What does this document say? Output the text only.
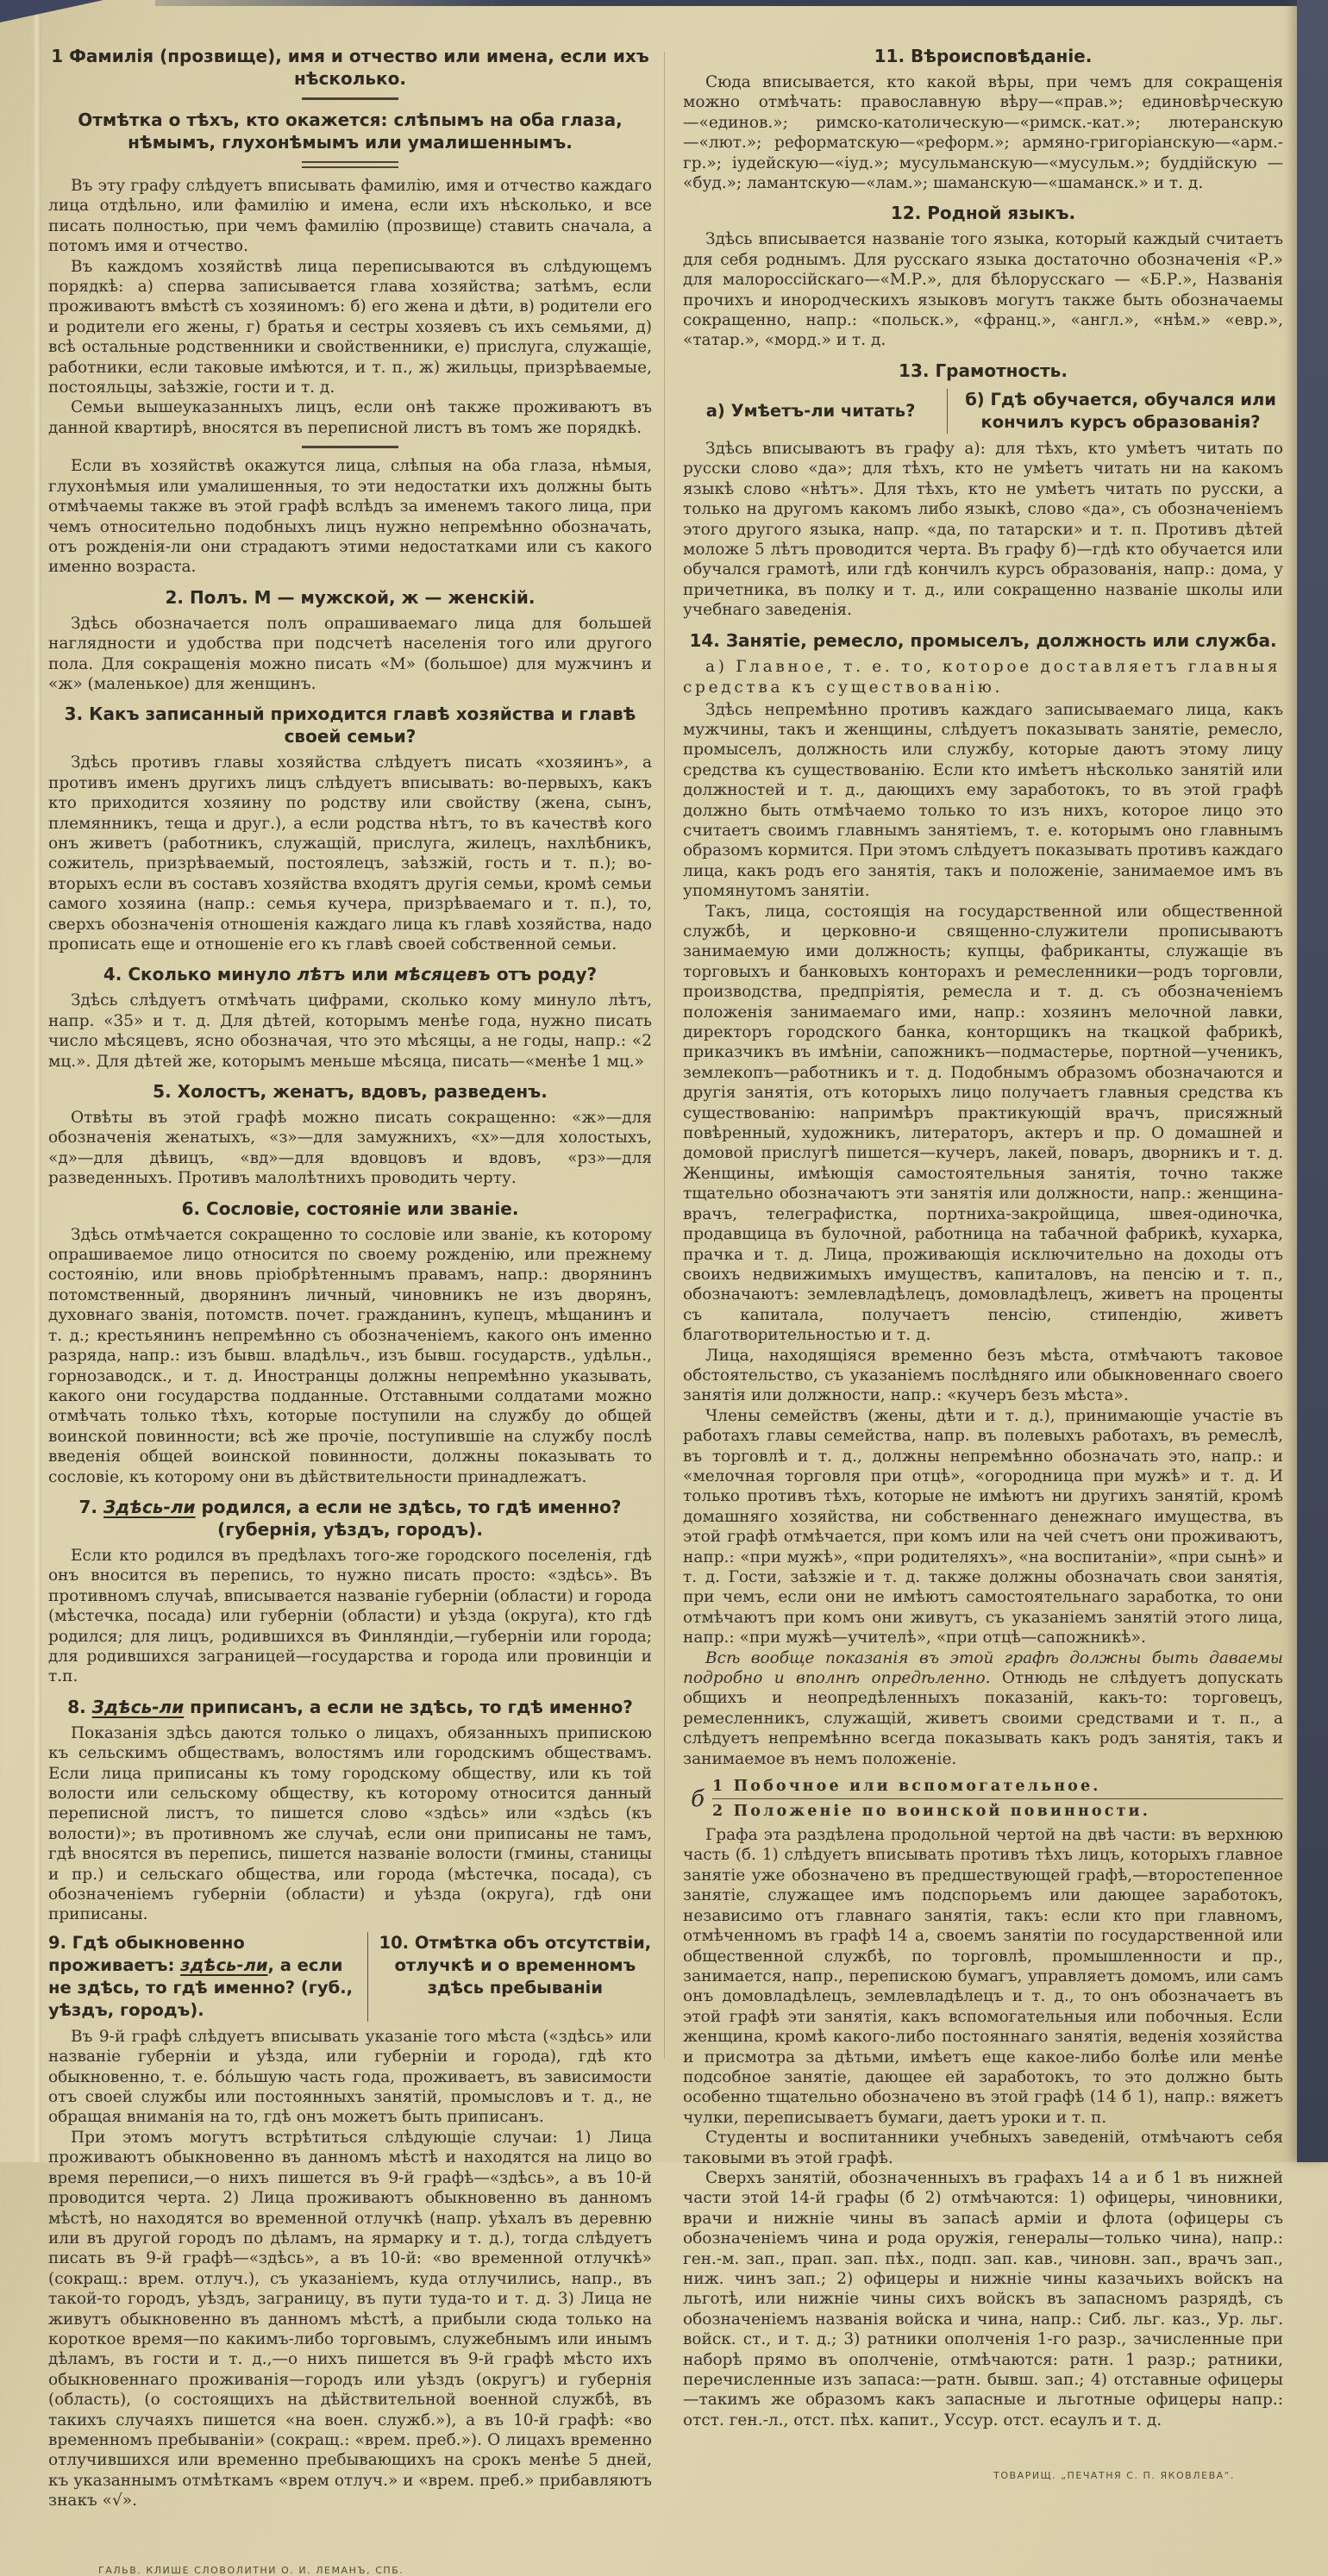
1 Фамилія (прозвище), имя и отчество или имена, если ихъ нѣсколько.
Отмѣтка о тѣхъ, кто окажется: слѣпымъ на оба глаза, нѣмымъ, глухонѣмымъ или умалишеннымъ.

Въ эту графу слѣдуетъ вписывать фамилію, имя и отчество каждаго лица отдѣльно, или фамилію и имена, если ихъ нѣсколько, и все писать полностью, при чемъ фамилію (прозвище) ставить сначала, а потомъ имя и отчество.

Въ каждомъ хозяйствѣ лица переписываются въ слѣдующемъ порядкѣ: а) сперва записывается глава хозяйства; затѣмъ, если проживаютъ вмѣстѣ съ хозяиномъ: б) его жена и дѣти, в) родители его и родители его жены, г) братья и сестры хозяевъ съ ихъ семьями, д) всѣ остальные родственники и свойственники, е) прислуга, служащіе, работники, если таковые имѣются, и т. п., ж) жильцы, призрѣваемые, постояльцы, заѣзжіе, гости и т. д.

Семьи вышеуказанныхъ лицъ, если онѣ также проживаютъ въ данной квартирѣ, вносятся въ переписной листъ въ томъ же порядкѣ.

Если въ хозяйствѣ окажутся лица, слѣпыя на оба глаза, нѣмыя, глухонѣмыя или умалишенныя, то эти недостатки ихъ должны быть отмѣчаемы также въ этой графѣ вслѣдъ за именемъ такого лица, при чемъ относительно подобныхъ лицъ нужно непремѣнно обозначать, отъ рожденія-ли они страдаютъ этими недостатками или съ какого именно возраста.

2. Полъ. М — мужской, ж — женскій.

Здѣсь обозначается полъ опрашиваемаго лица для большей наглядности и удобства при подсчетѣ населенія того или другого пола. Для сокращенія можно писать «М» (большое) для мужчинъ и «ж» (маленькое) для женщинъ.

3. Какъ записанный приходится главѣ хозяйства и главѣ своей семьи?

Здѣсь противъ главы хозяйства слѣдуетъ писать «хозяинъ», а противъ именъ другихъ лицъ слѣдуетъ вписывать: во-первыхъ, какъ кто приходится хозяину по родству или свойству (жена, сынъ, племянникъ, теща и друг.), а если родства нѣтъ, то въ качествѣ кого онъ живетъ (работникъ, служащій, прислуга, жилецъ, нахлѣбникъ, сожитель, призрѣваемый, постоялецъ, заѣзжій, гость и т. п.); во-вторыхъ если въ составъ хозяйства входятъ другія семьи, кромѣ семьи самого хозяина (напр.: семья кучера, призрѣваемаго и т. п.), то, сверхъ обозначенія отношенія каждаго лица къ главѣ хозяйства, надо прописать еще и отношеніе его къ главѣ своей собственной семьи.

4. Сколько минуло лѣтъ или мѣсяцевъ отъ роду?

Здѣсь слѣдуетъ отмѣчать цифрами, сколько кому минуло лѣтъ, напр. «35» и т. д. Для дѣтей, которымъ менѣе года, нужно писать число мѣсяцевъ, ясно обозначая, что это мѣсяцы, а не годы, напр.: «2 мц.». Для дѣтей же, которымъ меньше мѣсяца, писать—«менѣе 1 мц.»

5. Холостъ, женатъ, вдовъ, разведенъ.

Отвѣты въ этой графѣ можно писать сокращенно: «ж»—для обозначенія женатыхъ, «з»—для замужнихъ, «х»—для холостыхъ, «д»—для дѣвицъ, «вд»—для вдовцовъ и вдовъ, «рз»—для разведенныхъ. Противъ малолѣтнихъ проводить черту.

6. Сословіе, состояніе или званіе.

Здѣсь отмѣчается сокращенно то сословіе или званіе, къ которому опрашиваемое лицо относится по своему рожденію, или прежнему состоянію, или вновь пріобрѣтеннымъ правамъ, напр.: дворянинъ потомственный, дворянинъ личный, чиновникъ не изъ дворянъ, духовнаго званія, потомств. почет. гражданинъ, купецъ, мѣщанинъ и т. д.; крестьянинъ непремѣнно съ обозначеніемъ, какого онъ именно разряда, напр.: изъ бывш. владѣльч., изъ бывш. государств., удѣльн., горнозаводск., и т. д. Иностранцы должны непремѣнно указывать, какого они государства подданные. Отставными солдатами можно отмѣчать только тѣхъ, которые поступили на службу до общей воинской повинности; всѣ же прочіе, поступившіе на службу послѣ введенія общей воинской повинности, должны показывать то сословіе, къ которому они въ дѣйствительности принадлежатъ.

7. Здѣсь-ли родился, а если не здѣсь, то гдѣ именно? (губернія, уѣздъ, городъ).

Если кто родился въ предѣлахъ того-же городского поселенія, гдѣ онъ вносится въ перепись, то нужно писать просто: «здѣсь». Въ противномъ случаѣ, вписывается названіе губерніи (области) и города (мѣстечка, посада) или губерніи (области) и уѣзда (округа), кто гдѣ родился; для лицъ, родившихся въ Финляндіи,—губерніи или города; для родившихся заграницей—государства и города или провинціи и т.п.

8. Здѣсь-ли приписанъ, а если не здѣсь, то гдѣ именно?

Показанія здѣсь даются только о лицахъ, обязанныхъ припискою къ сельскимъ обществамъ, волостямъ или городскимъ обществамъ. Если лица приписаны къ тому городскому обществу, или къ той волости или сельскому обществу, къ которому относится данный переписной листъ, то пишется слово «здѣсь» или «здѣсь (къ волости)»; въ противномъ же случаѣ, если они приписаны не тамъ, гдѣ вносятся въ перепись, пишется названіе волости (гмины, станицы и пр.) и сельскаго общества, или города (мѣстечка, посада), съ обозначеніемъ губерніи (области) и уѣзда (округа), гдѣ они приписаны.

9. Гдѣ обыкновенно проживаетъ: здѣсь-ли, а если не здѣсь, то гдѣ именно? (губ., уѣздъ, городъ).
10. Отмѣтка объ отсутствіи, отлучкѣ и о временномъ здѣсь пребываніи

Въ 9-й графѣ слѣдуетъ вписывать указаніе того мѣста («здѣсь» или названіе губерніи и уѣзда, или губерніи и города), гдѣ кто обыкновенно, т. е. бо́льшую часть года, проживаетъ, въ зависимости отъ своей службы или постоянныхъ занятій, промысловъ и т. д., не обращая вниманія на то, гдѣ онъ можетъ быть приписанъ.

При этомъ могутъ встрѣтиться слѣдующіе случаи: 1) Лица проживаютъ обыкновенно въ данномъ мѣстѣ и находятся на лицо во время переписи,—о нихъ пишется въ 9-й графѣ—«здѣсь», а въ 10-й проводится черта. 2) Лица проживаютъ обыкновенно въ данномъ мѣстѣ, но находятся во временной отлучкѣ (напр. уѣхалъ въ деревню или въ другой городъ по дѣламъ, на ярмарку и т. д.), тогда слѣдуетъ писать въ 9-й графѣ—«здѣсь», а въ 10-й: «во временной отлучкѣ» (сокращ.: врем. отлуч.), съ указаніемъ, куда отлучились, напр., въ такой-то городъ, уѣздъ, заграницу, въ пути туда-то и т. д. 3) Лица не живутъ обыкновенно въ данномъ мѣстѣ, а прибыли сюда только на короткое время—по какимъ-либо торговымъ, служебнымъ или инымъ дѣламъ, въ гости и т. д.,—о нихъ пишется въ 9-й графѣ мѣсто ихъ обыкновеннаго проживанія—городъ или уѣздъ (округъ) и губернія (область), (о состоящихъ на дѣйствительной военной службѣ, въ такихъ случаяхъ пишется «на воен. служб.»), а въ 10-й графѣ: «во временномъ пребываніи» (сокращ.: «врем. преб.»). О лицахъ временно отлучившихся или временно пребывающихъ на срокъ менѣе 5 дней, къ указаннымъ отмѣткамъ «врем отлуч.» и «врем. преб.» прибавляютъ знакъ «√».

ГАЛЬВ. КЛИШЕ СЛОВОЛИТНИ О. И. ЛЕМАНЪ, СПБ.
11. Вѣроисповѣданіе.

Сюда вписывается, кто какой вѣры, при чемъ для сокращенія можно отмѣчать: православную вѣру—«прав.»; единовѣрческую—«единов.»; римско-католическую—«римск.-кат.»; лютеранскую—«лют.»; реформатскую—«реформ.»; армяно-григоріанскую—«арм.-гр.»; іудейскую—«іуд.»; мусульманскую—«мусульм.»; буддійскую — «буд.»; ламантскую—«лам.»; шаманскую—«шаманск.» и т. д.

12. Родной языкъ.

Здѣсь вписывается названіе того языка, который каждый считаетъ для себя роднымъ. Для русскаго языка достаточно обозначенія «Р.» для малороссійскаго—«М.Р.», для бѣлорусскаго — «Б.Р.», Названія прочихъ и инородческихъ языковъ могутъ также быть обозначаемы сокращенно, напр.: «польск.», «франц.», «англ.», «нѣм.» «евр.», «татар.», «морд.» и т. д.

13. Грамотность.
а) Умѣетъ-ли читать?
б) Гдѣ обучается, обучался или кончилъ курсъ образованія?

Здѣсь вписываютъ въ графу а): для тѣхъ, кто умѣетъ читать по русски слово «да»; для тѣхъ, кто не умѣетъ читать ни на какомъ языкѣ слово «нѣтъ». Для тѣхъ, кто не умѣетъ читать по русски, а только на другомъ какомъ либо языкѣ, слово «да», съ обозначеніемъ этого другого языка, напр. «да, по татарски» и т. п. Противъ дѣтей моложе 5 лѣтъ проводится черта. Въ графу б)—гдѣ кто обучается или обучался грамотѣ, или гдѣ кончилъ курсъ образованія, напр.: дома, у причетника, въ полку и т. д., или сокращенно названіе школы или учебнаго заведенія.

14. Занятіе, ремесло, промыселъ, должность или служба.

а) Главное, т. е. то, которое доставляетъ главныя средства къ существованію.

Здѣсь непремѣнно противъ каждаго записываемаго лица, какъ мужчины, такъ и женщины, слѣдуетъ показывать занятіе, ремесло, промыселъ, должность или службу, которые даютъ этому лицу средства къ существованію. Если кто имѣетъ нѣсколько занятій или должностей и т. д., дающихъ ему заработокъ, то въ этой графѣ должно быть отмѣчаемо только то изъ нихъ, которое лицо это считаетъ своимъ главнымъ занятіемъ, т. е. которымъ оно главнымъ образомъ кормится. При этомъ слѣдуетъ показывать противъ каждаго лица, какъ родъ его занятія, такъ и положеніе, занимаемое имъ въ упомянутомъ занятіи.

Такъ, лица, состоящія на государственной или общественной службѣ, и церковно-и священно-служители прописываютъ занимаемую ими должность; купцы, фабриканты, служащіе въ торговыхъ и банковыхъ конторахъ и ремесленники—родъ торговли, производства, предпріятія, ремесла и т. д. съ обозначеніемъ положенія занимаемаго ими, напр.: хозяинъ мелочной лавки, директоръ городского банка, конторщикъ на ткацкой фабрикѣ, приказчикъ въ имѣніи, сапожникъ—подмастерье, портной—ученикъ, землекопъ—работникъ и т. д. Подобнымъ образомъ обозначаются и другія занятія, отъ которыхъ лицо получаетъ главныя средства къ существованію: напримѣръ практикующій врачъ, присяжный повѣренный, художникъ, литераторъ, актеръ и пр. О домашней и домовой прислугѣ пишется—кучеръ, лакей, поваръ, дворникъ и т. д. Женщины, имѣющія самостоятельныя занятія, точно также тщательно обозначаютъ эти занятія или должности, напр.: женщина-врачъ, телеграфистка, портниха-закройщица, швея-одиночка, продавщица въ булочной, работница на табачной фабрикѣ, кухарка, прачка и т. д. Лица, проживающія исключительно на доходы отъ своихъ недвижимыхъ имуществъ, капиталовъ, на пенсію и т. п., обозначаютъ: землевладѣлецъ, домовладѣлецъ, живетъ на проценты съ капитала, получаетъ пенсію, стипендію, живетъ благотворительностью и т. д.

Лица, находящіяся временно безъ мѣста, отмѣчаютъ таковое обстоятельство, съ указаніемъ послѣдняго или обыкновеннаго своего занятія или должности, напр.: «кучеръ безъ мѣста».

Члены семействъ (жены, дѣти и т. д.), принимающіе участіе въ работахъ главы семейства, напр. въ полевыхъ работахъ, въ ремеслѣ, въ торговлѣ и т. д., должны непремѣнно обозначать это, напр.: и «мелочная торговля при отцѣ», «огородница при мужѣ» и т. д. И только противъ тѣхъ, которые не имѣютъ ни другихъ занятій, кромѣ домашняго хозяйства, ни собственнаго денежнаго имущества, въ этой графѣ отмѣчается, при комъ или на чей счетъ они проживаютъ, напр.: «при мужѣ», «при родителяхъ», «на воспитаніи», «при сынѣ» и т. д. Гости, заѣзжіе и т. д. также должны обозначать свои занятія, при чемъ, если они не имѣютъ самостоятельнаго заработка, то они отмѣчаютъ при комъ они живутъ, съ указаніемъ занятій этого лица, напр.: «при мужѣ—учителѣ», «при отцѣ—сапожникѣ».

Всѣ вообще показанія въ этой графѣ должны быть даваемы подробно и вполнѣ опредѣленно. Отнюдь не слѣдуетъ допускать общихъ и неопредѣленныхъ показаній, какъ-то: торговецъ, ремесленникъ, служащій, живетъ своими средствами и т. п., а слѣдуетъ непремѣнно всегда показывать какъ родъ занятія, такъ и занимаемое въ немъ положеніе.

б 1 Побочное или вспомогательное.
2 Положеніе по воинской повинности.

Графа эта раздѣлена продольной чертой на двѣ части: въ верхнюю часть (б. 1) слѣдуетъ вписывать противъ тѣхъ лицъ, которыхъ главное занятіе уже обозначено въ предшествующей графѣ,—второстепенное занятіе, служащее имъ подспорьемъ или дающее заработокъ, независимо отъ главнаго занятія, такъ: если кто при главномъ, отмѣченномъ въ графѣ 14 а, своемъ занятіи по государственной или общественной службѣ, по торговлѣ, промышленности и пр., занимается, напр., перепискою бумагъ, управляетъ домомъ, или самъ онъ домовладѣлецъ, землевладѣлецъ и т. д., то онъ обозначаетъ въ этой графѣ эти занятія, какъ вспомогательныя или побочныя. Если женщина, кромѣ какого-либо постояннаго занятія, веденія хозяйства и присмотра за дѣтьми, имѣетъ еще какое-либо болѣе или менѣе подсобное занятіе, дающее ей заработокъ, то это должно быть особенно тщательно обозначено въ этой графѣ (14 б 1), напр.: вяжетъ чулки, переписываетъ бумаги, даетъ уроки и т. п.

Студенты и воспитанники учебныхъ заведеній, отмѣчаютъ себя таковыми въ этой графѣ.

Сверхъ занятій, обозначенныхъ въ графахъ 14 а и б 1 въ нижней части этой 14-й графы (б 2) отмѣчаются: 1) офицеры, чиновники, врачи и нижніе чины въ запасѣ арміи и флота (офицеры съ обозначеніемъ чина и рода оружія, генералы—только чина), напр.: ген.-м. зап., прап. зап. пѣх., подп. зап. кав., чиновн. зап., врачъ зап., ниж. чинъ зап.; 2) офицеры и нижніе чины казачьихъ войскъ на льготѣ, или нижніе чины сихъ войскъ въ запасномъ разрядѣ, съ обозначеніемъ названія войска и чина, напр.: Сиб. льг. каз., Ур. льг. войск. ст., и т. д.; 3) ратники ополченія 1-го разр., зачисленные при наборѣ прямо въ ополченіе, отмѣчаются: ратн. 1 разр.; ратники, перечисленные изъ запаса:—ратн. бывш. зап.; 4) отставные офицеры—такимъ же образомъ какъ запасные и льготные офицеры напр.: отст. ген.-л., отст. пѣх. капит., Уссур. отст. есаулъ и т. д.

ТОВАРИЩ. „ПЕЧАТНЯ С. П. ЯКОВЛЕВА“.
